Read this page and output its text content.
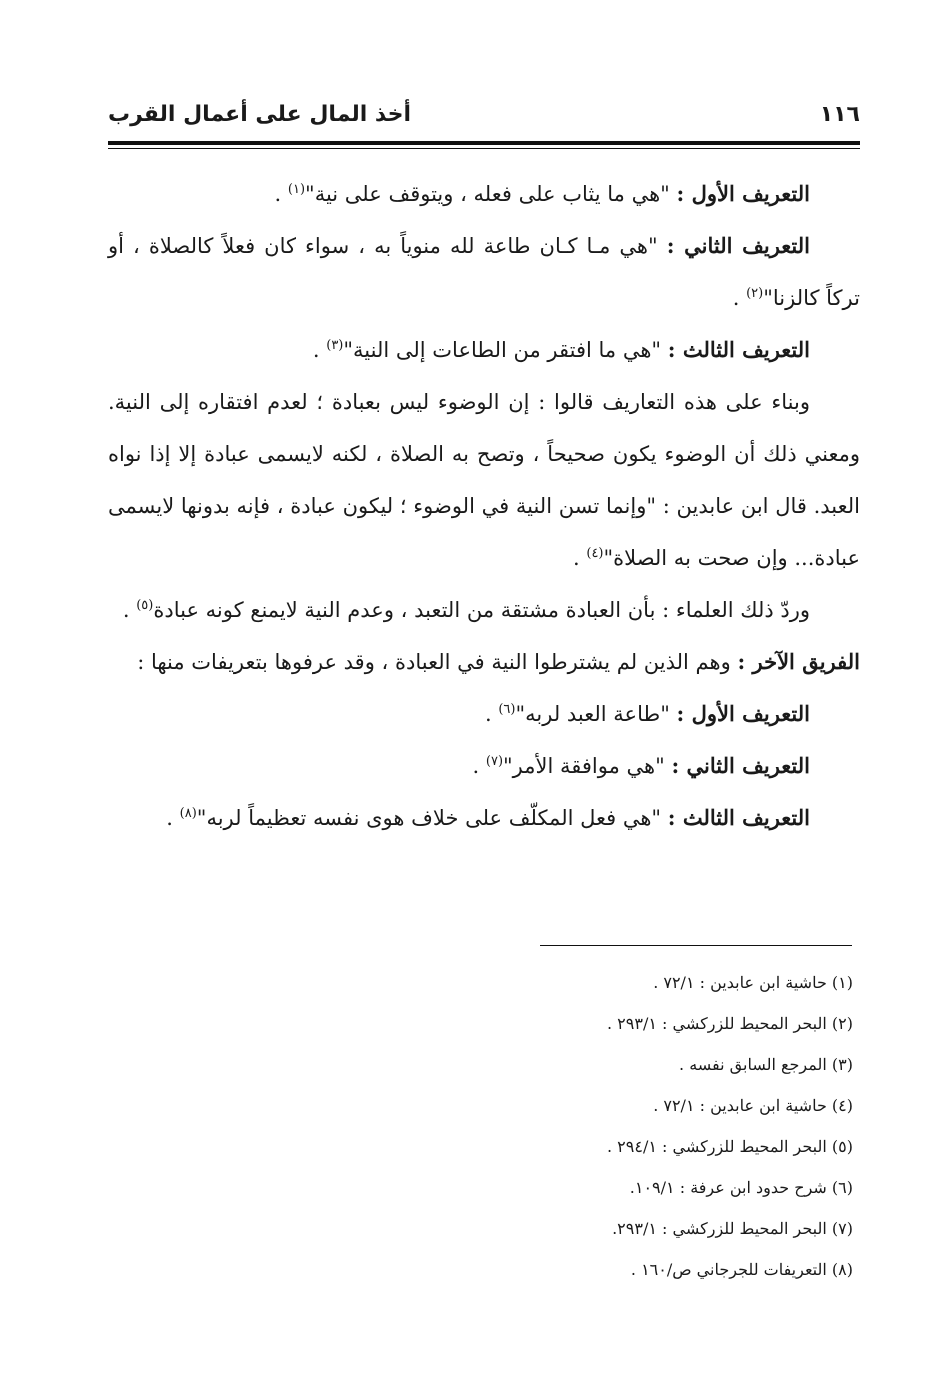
١١٦
أخذ المال على أعمال القرب

التعريف الأول : "هي ما يثاب على فعله ، ويتوقف على نية"$^{(١)}$ .

التعريف الثاني : "هي مـا كـان طاعة لله منوياً به ، سواء كان فعلاً كالصلاة ، أو تركاً كالزنا"$^{(٢)}$ .

التعريف الثالث : "هي ما افتقر من الطاعات إلى النية"$^{(٣)}$ .

وبناء على هذه التعاريف قالوا : إن الوضوء ليس بعبادة ؛ لعدم افتقاره إلى النية. ومعني ذلك أن الوضوء يكون صحيحاً ، وتصح به الصلاة ، لكنه لايسمى عبادة إلا إذا نواه العبد. قال ابن عابدين : "وإنما تسن النية في الوضوء ؛ ليكون عبادة ، فإنه بدونها لايسمى عبادة... وإن صحت به الصلاة"$^{(٤)}$ .

وردّ ذلك العلماء : بأن العبادة مشتقة من التعبد ، وعدم النية لايمنع كونه عبادة$^{(٥)}$ .

الفريق الآخر : وهم الذين لم يشترطوا النية في العبادة ، وقد عرفوها بتعريفات منها :

التعريف الأول : "طاعة العبد لربه"$^{(٦)}$ .

التعريف الثاني : "هي موافقة الأمر"$^{(٧)}$ .

التعريف الثالث : "هي فعل المكلّف على خلاف هوى نفسه تعظيماً لربه"$^{(٨)}$ .

(١) حاشية ابن عابدين : ٧٢/١ .

(٢) البحر المحيط للزركشي : ٢٩٣/١ .

(٣) المرجع السابق نفسه .

(٤) حاشية ابن عابدين : ٧٢/١ .

(٥) البحر المحيط للزركشي : ٢٩٤/١ .

(٦) شرح حدود ابن عرفة : ١٠٩/١.

(٧) البحر المحيط للزركشي : ٢٩٣/١.

(٨) التعريفات للجرجاني ص/١٦٠ .
